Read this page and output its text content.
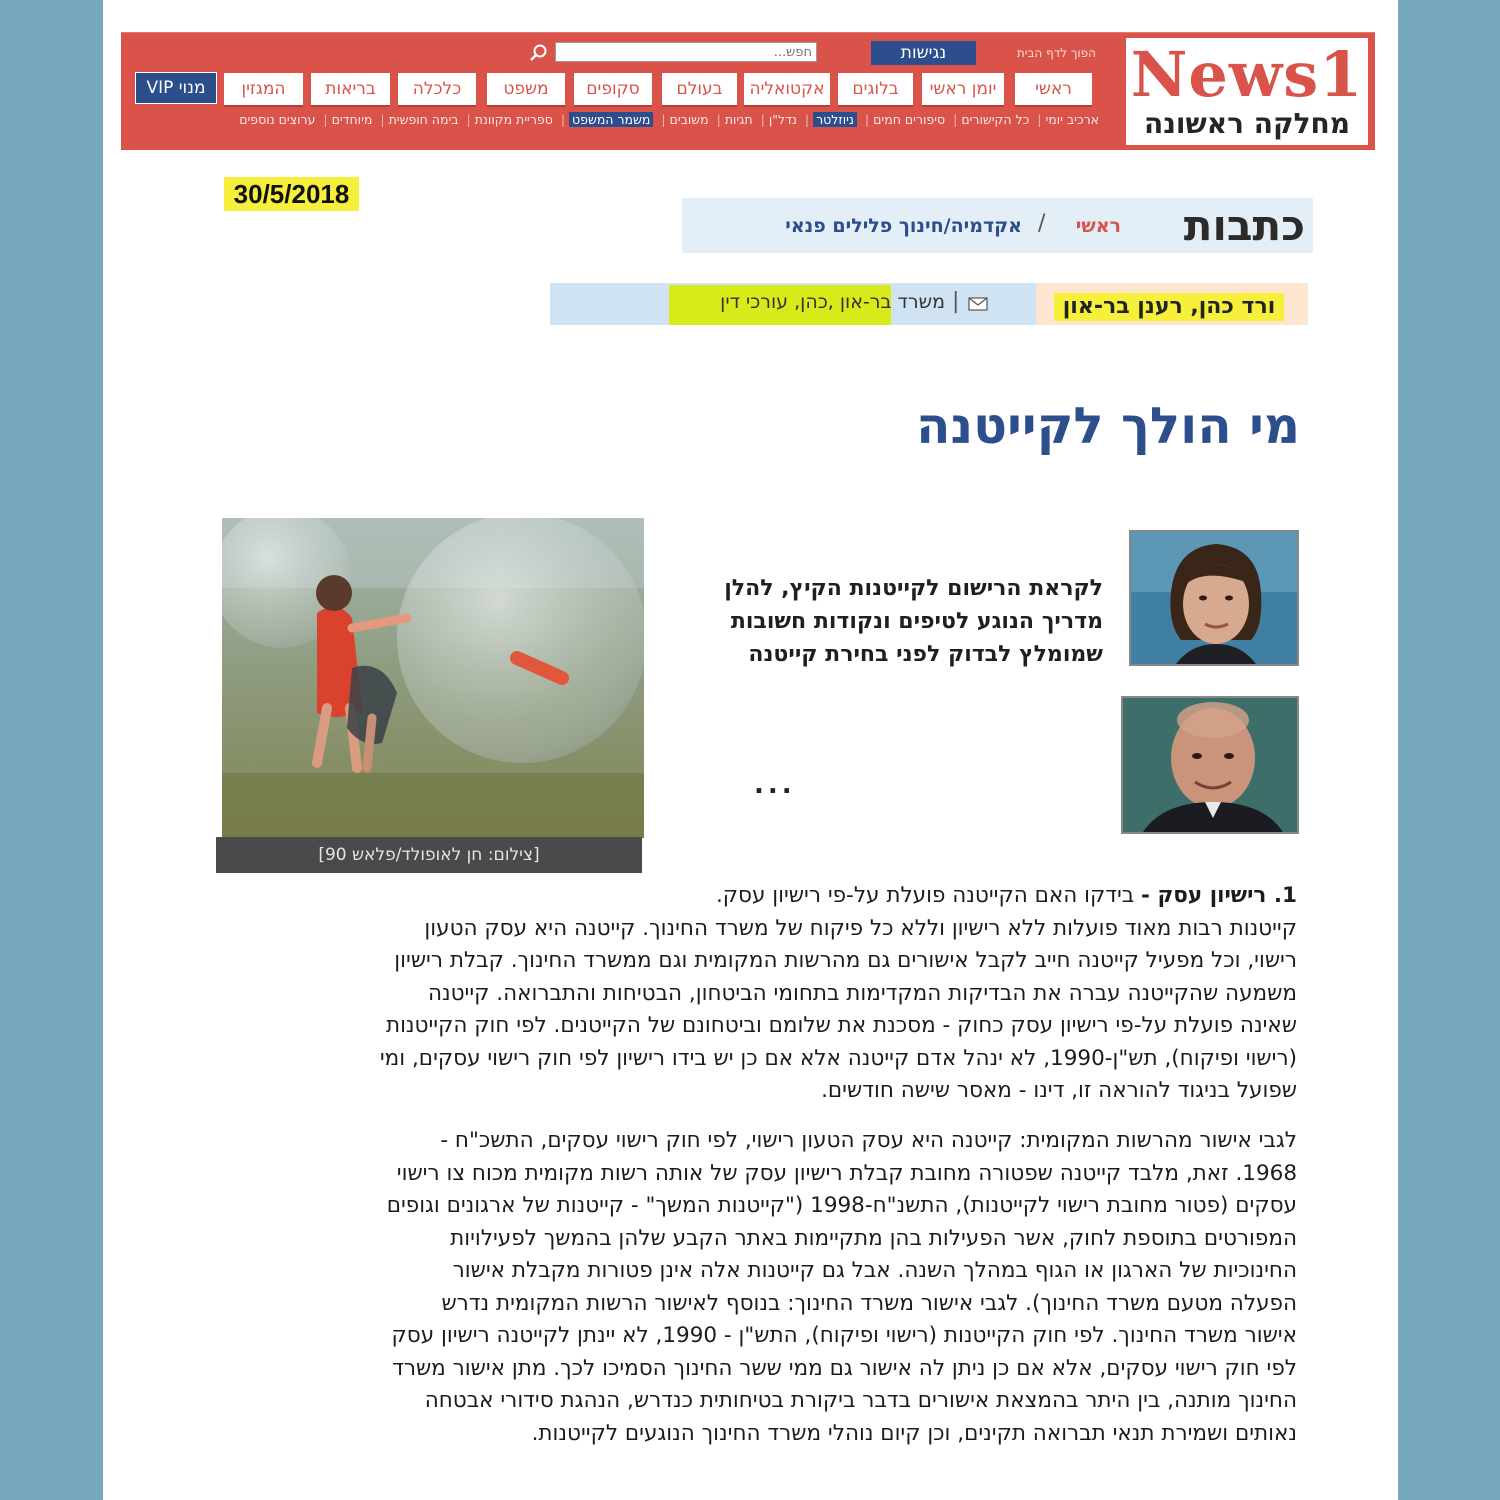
News1
מחלקה ראשונה
הפוך לדף הבית
נגישות
חפש...
ראשי
יומן ראשי
בלוגים
אקטואליה
בעולם
סקופים
משפט
כלכלה
בריאות
המגזין
מנוי VIP
ארכיב יומי| כל הקישורים| סיפורים חמים| ניוזלטר| נדל"ן| תגיות| משובים| משמר המשפט| ספריית מקוונת| בימה חופשית| מיוחדים| ערוצים נוספים
30/5/2018
כתבות
ראשי
/
אקדמיה/חינוך פלילים פנאי
ורד כהן, רענן בר-און
|
משרד בר-און ,כהן, עורכי דין
מי הולך לקייטנה
[צילום: חן לאופולד/פלאש 90]
לקראת הרישום לקייטנות הקיץ, להלן
מדריך הנוגע לטיפים ונקודות חשובות
שמומלץ לבדוק לפני בחירת קייטנה
...
1. רישיון עסק - בידקו האם הקייטנה פועלת על-פי רישיון עסק.
קייטנות רבות מאוד פועלות ללא רישיון וללא כל פיקוח של משרד החינוך. קייטנה היא עסק הטעון
רישוי, וכל מפעיל קייטנה חייב לקבל אישורים גם מהרשות המקומית וגם ממשרד החינוך. קבלת רישיון
משמעה שהקייטנה עברה את הבדיקות המקדימות בתחומי הביטחון, הבטיחות והתברואה. קייטנה
שאינה פועלת על-פי רישיון עסק כחוק - מסכנת את שלומם וביטחונם של הקייטנים. לפי חוק הקייטנות
(רישוי ופיקוח), תש"ן-1990, לא ינהל אדם קייטנה אלא אם כן יש בידו רישיון לפי חוק רישוי עסקים, ומי
שפועל בניגוד להוראה זו, דינו - מאסר שישה חודשים.
לגבי אישור מהרשות המקומית: קייטנה היא עסק הטעון רישוי, לפי חוק רישוי עסקים, התשכ"ח -
1968. זאת, מלבד קייטנה שפטורה מחובת קבלת רישיון עסק של אותה רשות מקומית מכוח צו רישוי
עסקים (פטור מחובת רישוי לקייטנות), התשנ"ח-1998 ("קייטנות המשך" - קייטנות של ארגונים וגופים
המפורטים בתוספת לחוק, אשר הפעילות בהן מתקיימות באתר הקבע שלהן בהמשך לפעילויות
החינוכיות של הארגון או הגוף במהלך השנה. אבל גם קייטנות אלה אינן פטורות מקבלת אישור
הפעלה מטעם משרד החינוך). לגבי אישור משרד החינוך: בנוסף לאישור הרשות המקומית נדרש
אישור משרד החינוך. לפי חוק הקייטנות (רישוי ופיקוח), התש"ן - 1990, לא יינתן לקייטנה רישיון עסק
לפי חוק רישוי עסקים, אלא אם כן ניתן לה אישור גם ממי ששר החינוך הסמיכו לכך. מתן אישור משרד
החינוך מותנה, בין היתר בהמצאת אישורים בדבר ביקורת בטיחותית כנדרש, הנהגת סידורי אבטחה
נאותים ושמירת תנאי תברואה תקינים, וכן קיום נוהלי משרד החינוך הנוגעים לקייטנות.
